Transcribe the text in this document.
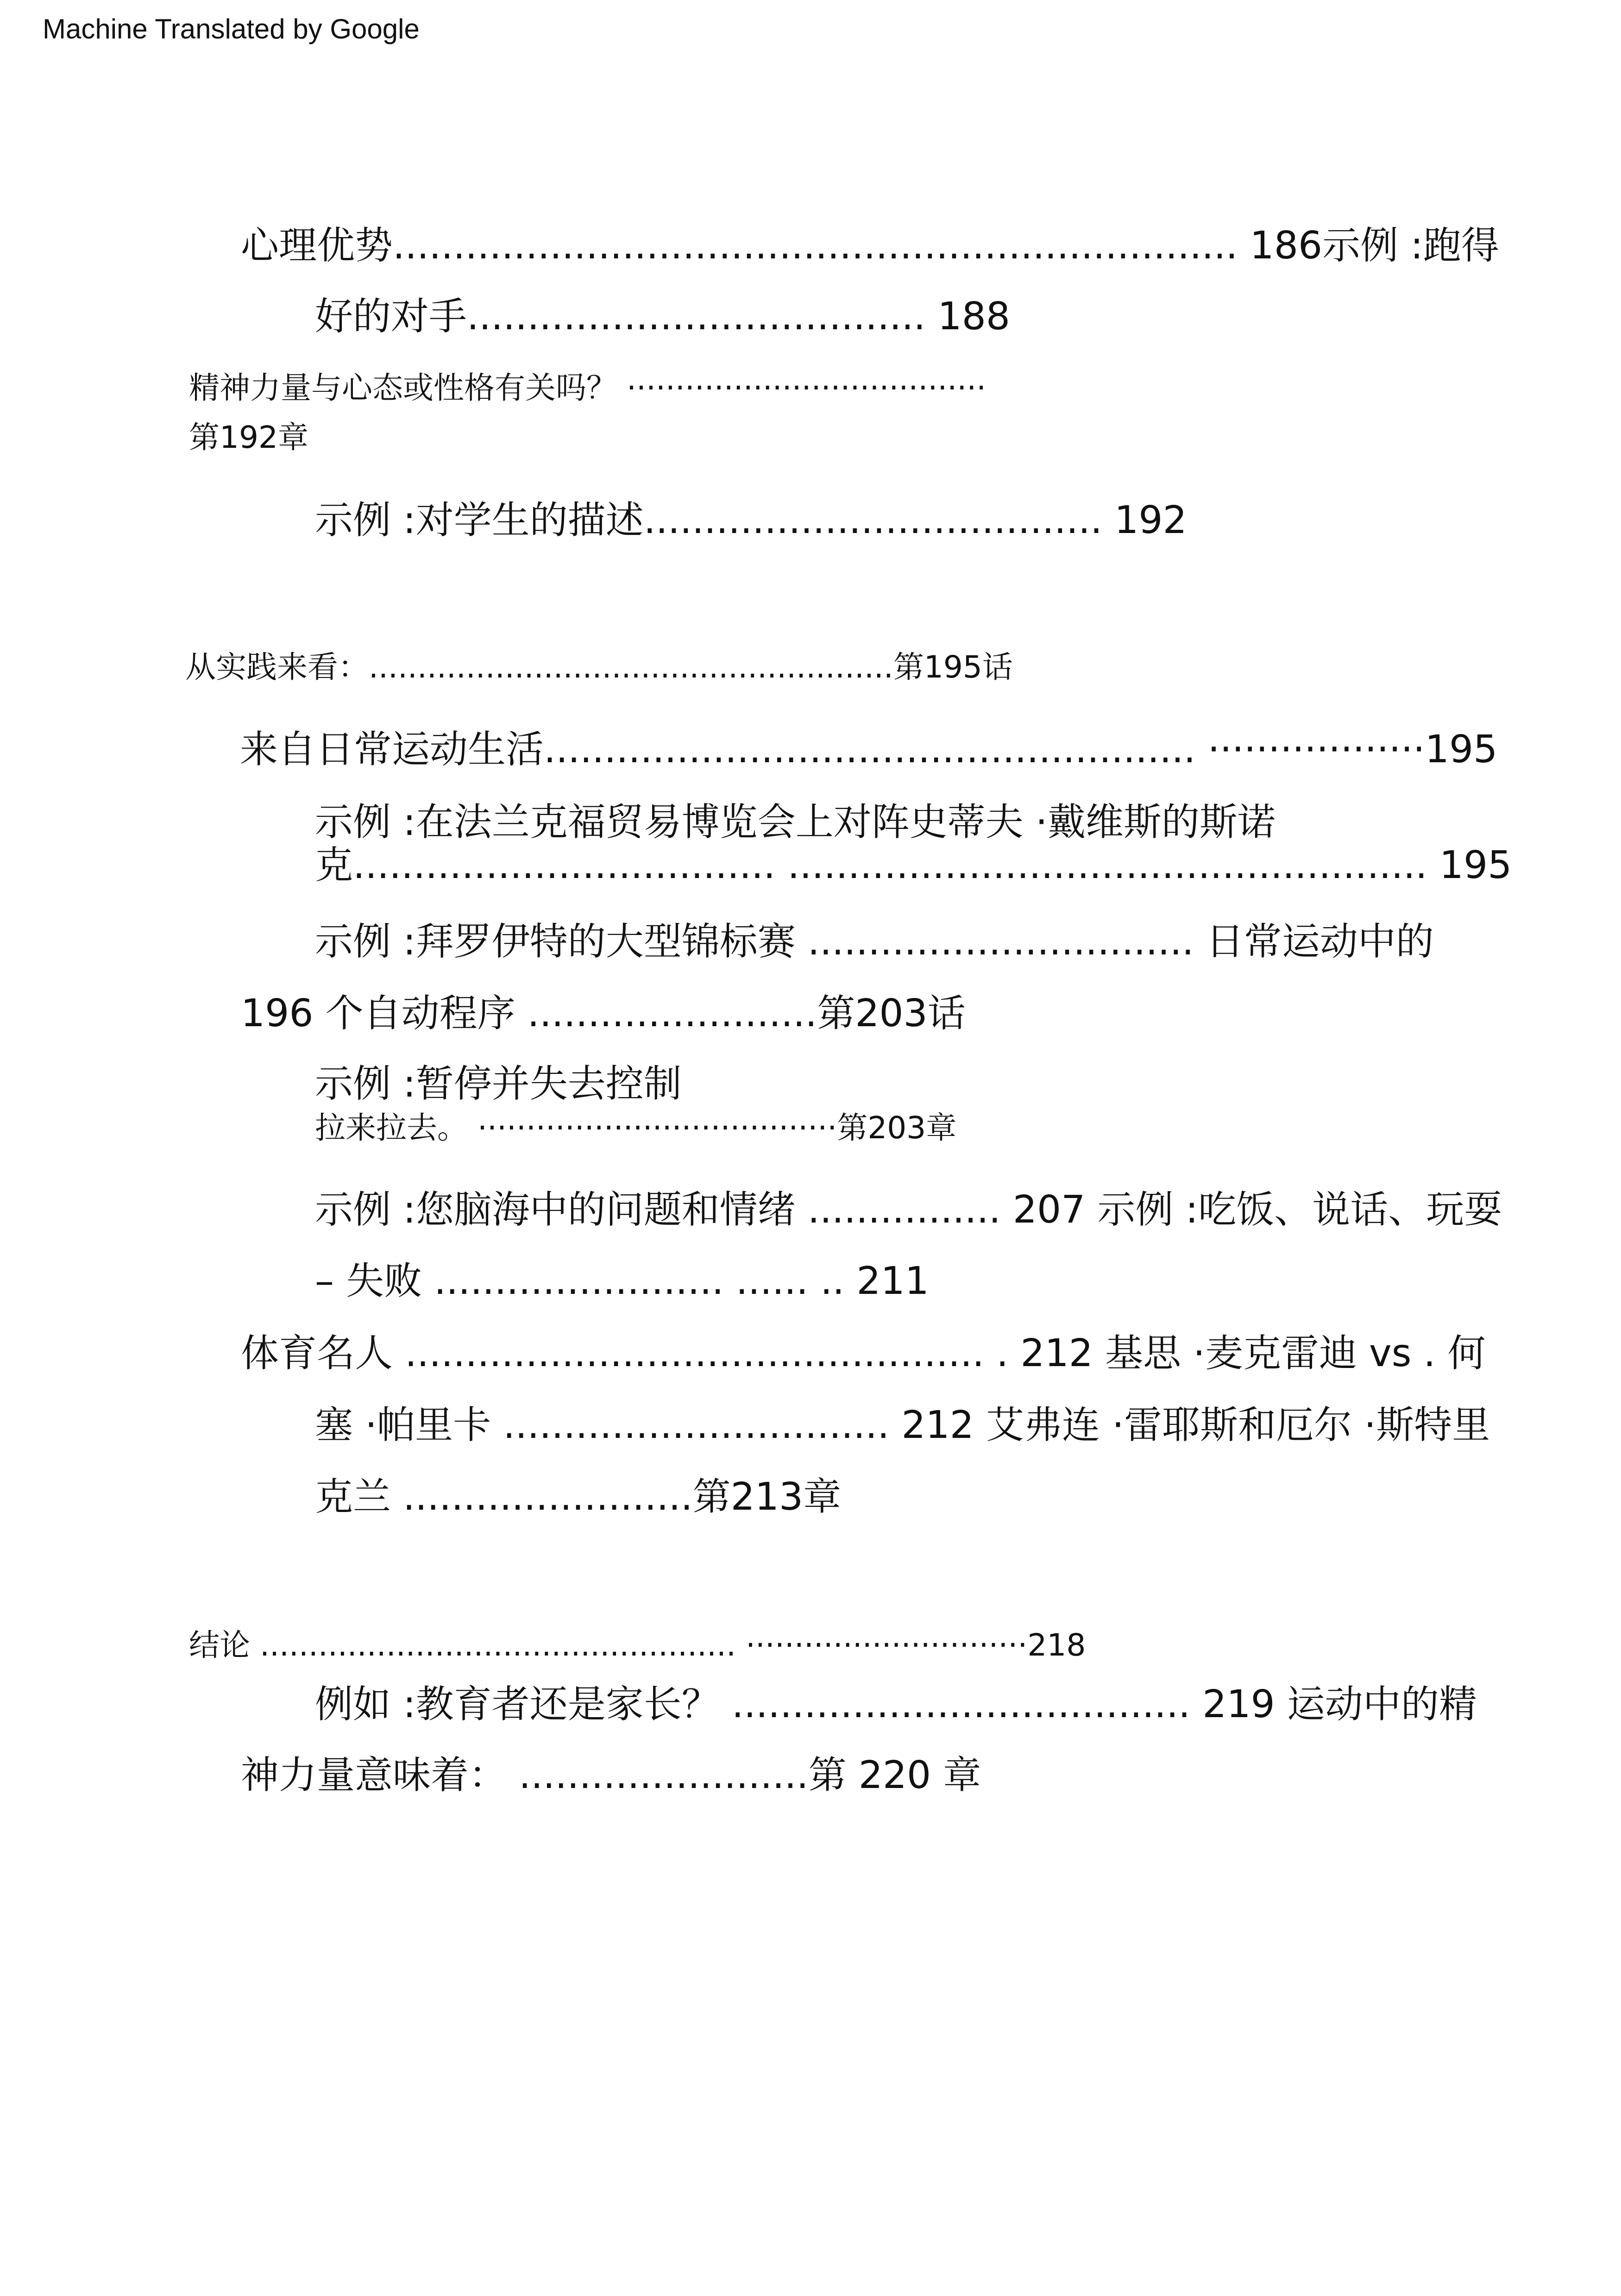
Machine Translated by Google
心理优势...................................................................... 186示例 :跑得
好的对手...................................... 188
精神力量与心态或性格有关吗？ ·····································
第192章
示例 :对学生的描述...................................... 192
从实践来看：......................................................第195话
来自日常运动生活...................................................... ··················195
示例 :在法兰克福贸易博览会上对阵史蒂夫 ·戴维斯的斯诺
克................................... ..................................................... 195
示例 :拜罗伊特的大型锦标赛 ................................ 日常运动中的
196 个自动程序 ........................第203话
示例 :暂停并失去控制
拉来拉去。 ·····································第203章
示例 :您脑海中的问题和情绪 ................ 207 示例 :吃饭、说话、玩耍
– 失败 ........................ ...... .. 211
体育名人 ................................................ . 212 基思 ·麦克雷迪 vs . 何
塞 ·帕里卡 ................................ 212 艾弗连 ·雷耶斯和厄尔 ·斯特里
克兰 ........................第213章
结论 ................................................. ·····························218
例如 :教育者还是家长？ ...................................... 219 运动中的精
神力量意味着： ........................第 220 章
